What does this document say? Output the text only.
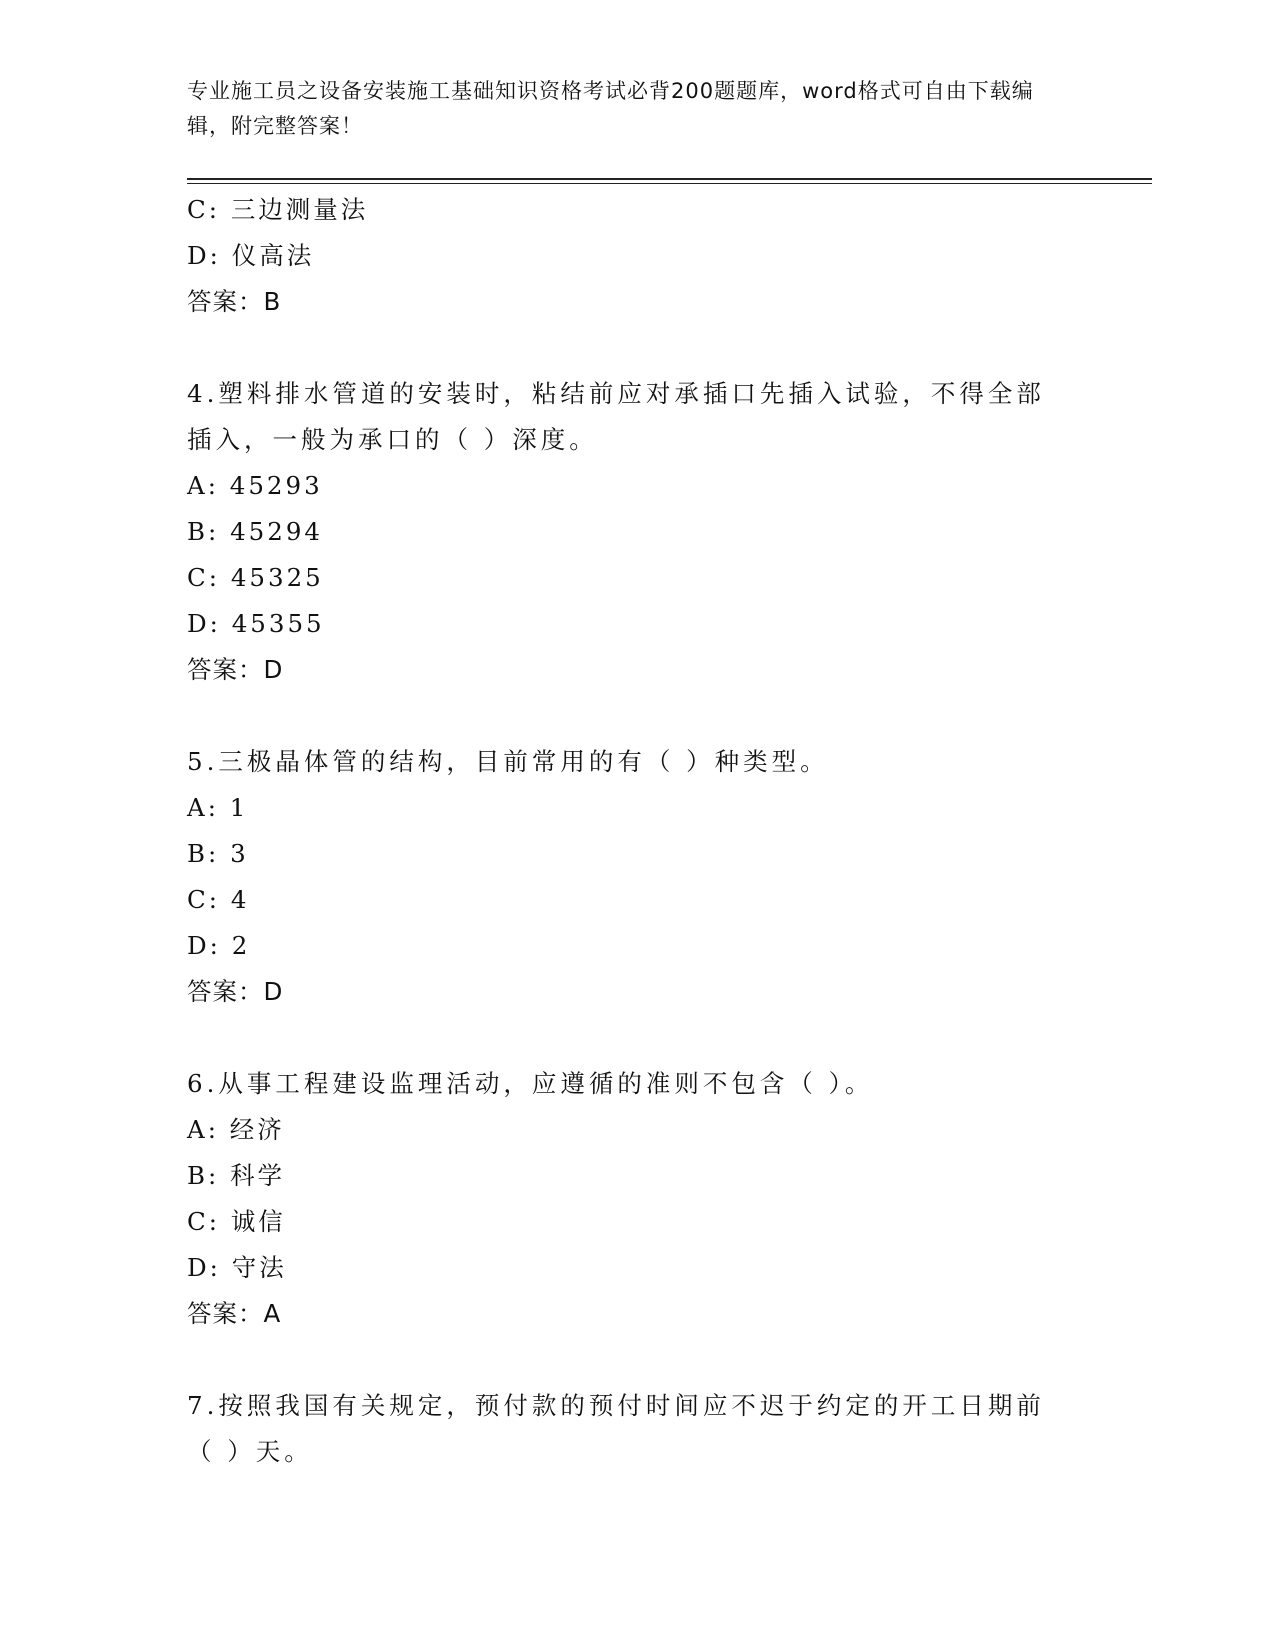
专业施工员之设备安装施工基础知识资格考试必背200题题库，word格式可自由下载编辑，附完整答案！

C: 三边测量法

D: 仪高法

答案：B

4.塑料排水管道的安装时，粘结前应对承插口先插入试验，不得全部插入，一般为承口的（ ）深度。

A: 45293

B: 45294

C: 45325

D: 45355

答案：D

5.三极晶体管的结构，目前常用的有（ ）种类型。

A: 1

B: 3

C: 4

D: 2

答案：D

6.从事工程建设监理活动，应遵循的准则不包含（ ）。

A: 经济

B: 科学

C: 诚信

D: 守法

答案：A

7.按照我国有关规定，预付款的预付时间应不迟于约定的开工日期前（ ）天。
